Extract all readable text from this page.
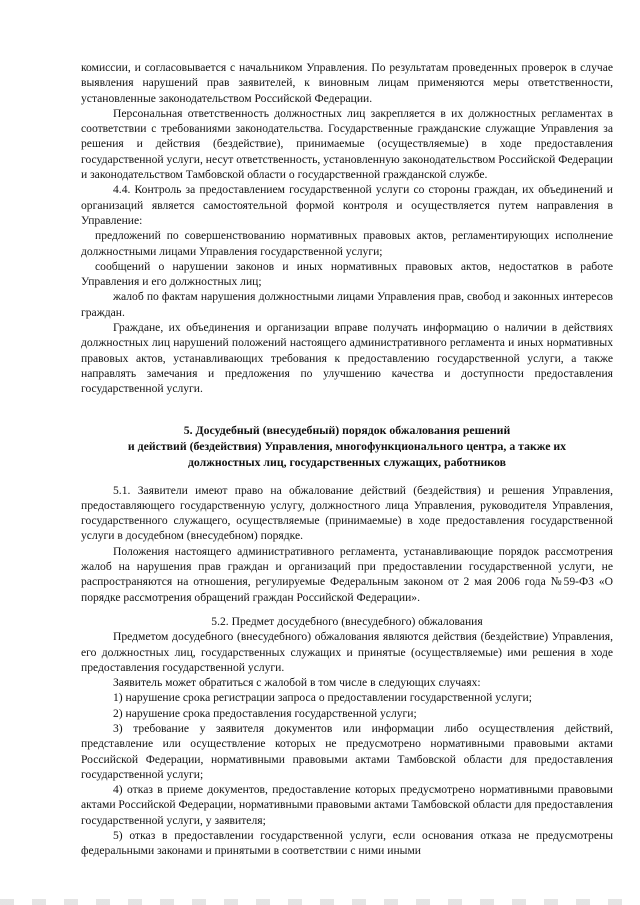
комиссии, и согласовывается с начальником Управления. По результатам проведенных проверок в случае выявления нарушений прав заявителей, к виновным лицам применяются меры ответственности, установленные законодательством Российской Федерации.

Персональная ответственность должностных лиц закрепляется в их должностных регламентах в соответствии с требованиями законодательства. Государственные гражданские служащие Управления за решения и действия (бездействие), принимаемые (осуществляемые) в ходе предоставления государственной услуги, несут ответственность, установленную законодательством Российской Федерации и законодательством Тамбовской области о государственной гражданской службе.

4.4. Контроль за предоставлением государственной услуги со стороны граждан, их объединений и организаций является самостоятельной формой контроля и осуществляется путем направления в Управление:

предложений по совершенствованию нормативных правовых актов, регламентирующих исполнение должностными лицами Управления государственной услуги;

сообщений о нарушении законов и иных нормативных правовых актов, недостатков в работе Управления и его должностных лиц;

жалоб по фактам нарушения должностными лицами Управления прав, свобод и законных интересов граждан.

Граждане, их объединения и организации вправе получать информацию о наличии в действиях должностных лиц нарушений положений настоящего административного регламента и иных нормативных правовых актов, устанавливающих требования к предоставлению государственной услуги, а также направлять замечания и предложения по улучшению качества и доступности предоставления государственной услуги.

5. Досудебный (внесудебный) порядок обжалования решений
и действий (бездействия) Управления, многофункционального центра, а также их
должностных лиц, государственных служащих, работников

5.1. Заявители имеют право на обжалование действий (бездействия) и решения Управления, предоставляющего государственную услугу, должностного лица Управления, руководителя Управления, государственного служащего, осуществляемые (принимаемые) в ходе предоставления государственной услуги в досудебном (внесудебном) порядке.

Положения настоящего административного регламента, устанавливающие порядок рассмотрения жалоб на нарушения прав граждан и организаций при предоставлении государственной услуги, не распространяются на отношения, регулируемые Федеральным законом от 2 мая 2006 года №59-ФЗ «О порядке рассмотрения обращений граждан Российской Федерации».

5.2. Предмет досудебного (внесудебного) обжалования

Предметом досудебного (внесудебного) обжалования являются действия (бездействие) Управления, его должностных лиц, государственных служащих и принятые (осуществляемые) ими решения в ходе предоставления государственной услуги.

Заявитель может обратиться с жалобой в том числе в следующих случаях:

1) нарушение срока регистрации запроса о предоставлении государственной услуги;

2) нарушение срока предоставления государственной услуги;

3) требование у заявителя документов или информации либо осуществления действий, представление или осуществление которых не предусмотрено нормативными правовыми актами Российской Федерации, нормативными правовыми актами Тамбовской области для предоставления государственной услуги;

4) отказ в приеме документов, предоставление которых предусмотрено нормативными правовыми актами Российской Федерации, нормативными правовыми актами Тамбовской области для предоставления государственной услуги, у заявителя;

5) отказ в предоставлении государственной услуги, если основания отказа не предусмотрены федеральными законами и принятыми в соответствии с ними иными
